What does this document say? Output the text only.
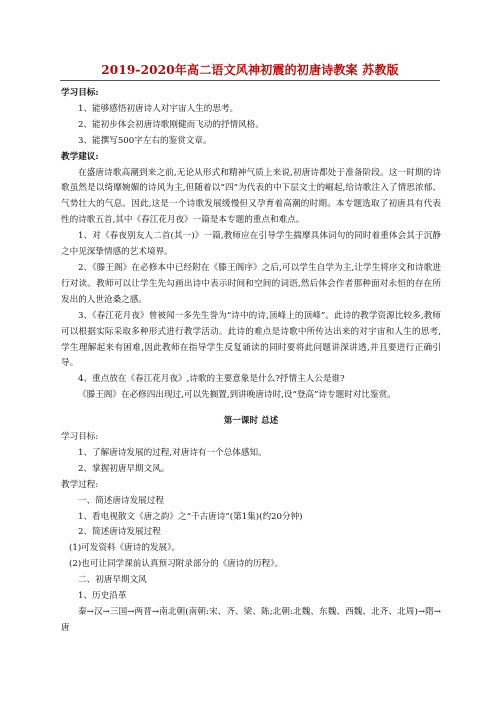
2019-2020年高二语文风神初震的初唐诗教案 苏教版

学习目标:

1、能够感悟初唐诗人对宇宙人生的思考。

2、能初步体会初唐诗歌刚健而飞动的抒情风格。

3、能撰写500字左右的鉴赏文章。

教学建议:

在盛唐诗歌高潮到来之前,无论从形式和精神气质上来说,初唐诗都处于准备阶段。这一时期的诗歌虽然是以绮靡婉媚的诗风为主,但随着以“四”为代表的中下层文士的崛起,给诗歌注入了情思浓郁、气势壮大的气息。因此,这是一个诗歌发展缓慢但又孕育着高潮的时期。本专题选取了初唐具有代表性的诗歌五首,其中《春江花月夜》一篇是本专题的重点和难点。

1、对《春夜别友人二首(其一)》一篇,教师应在引导学生揣摩具体词句的同时着重体会其于沉静之中见深挚情感的艺术境界。

2、《滕王阁》在必修本中已经附在《滕王阁序》之后,可以学生自学为主,让学生将序文和诗歌进行对读。教师可以让学生先勾画出诗中表示时间和空间的词语,然后体会作者那种面对永恒的存在所发出的人世沧桑之感。

3、《春江花月夜》曾被闻一多先生誉为“诗中的诗,顶峰上的顶峰”。此诗的教学资源比较多,教师可以根据实际采取多种形式进行教学活动。此诗的难点是诗歌中所传达出来的对宇宙和人生的思考,学生理解起来有困难,因此教师在指导学生反复诵读的同时要将此问题讲深讲透,并且要进行正确引导。

4、重点放在《春江花月夜》,诗歌的主要意象是什么?抒情主人公是谁?

《滕王阁》在必修四出现过,可以先搁置,到讲晚唐诗时,设“登高”诗专题时对比鉴赏。

第一课时 总述

学习目标:

1、了解唐诗发展的过程,对唐诗有一个总体感知。

2、掌握初唐早期文风。

教学过程:

一、简述唐诗发展过程

1、看电视散文《唐之韵》之“千古唐诗”(第1集)(约20分钟)

2、简述唐诗发展过程

(1)可发资料《唐诗的发展》。

(2)也可让同学课前认真预习附录部分的《唐诗的历程》。

二、初唐早期文风

1、历史沿革

秦→汉→三国→两晋→南北朝(南朝:宋、齐、梁、陈;北朝:北魏、东魏、西魏、北齐、北周)→隋→唐
